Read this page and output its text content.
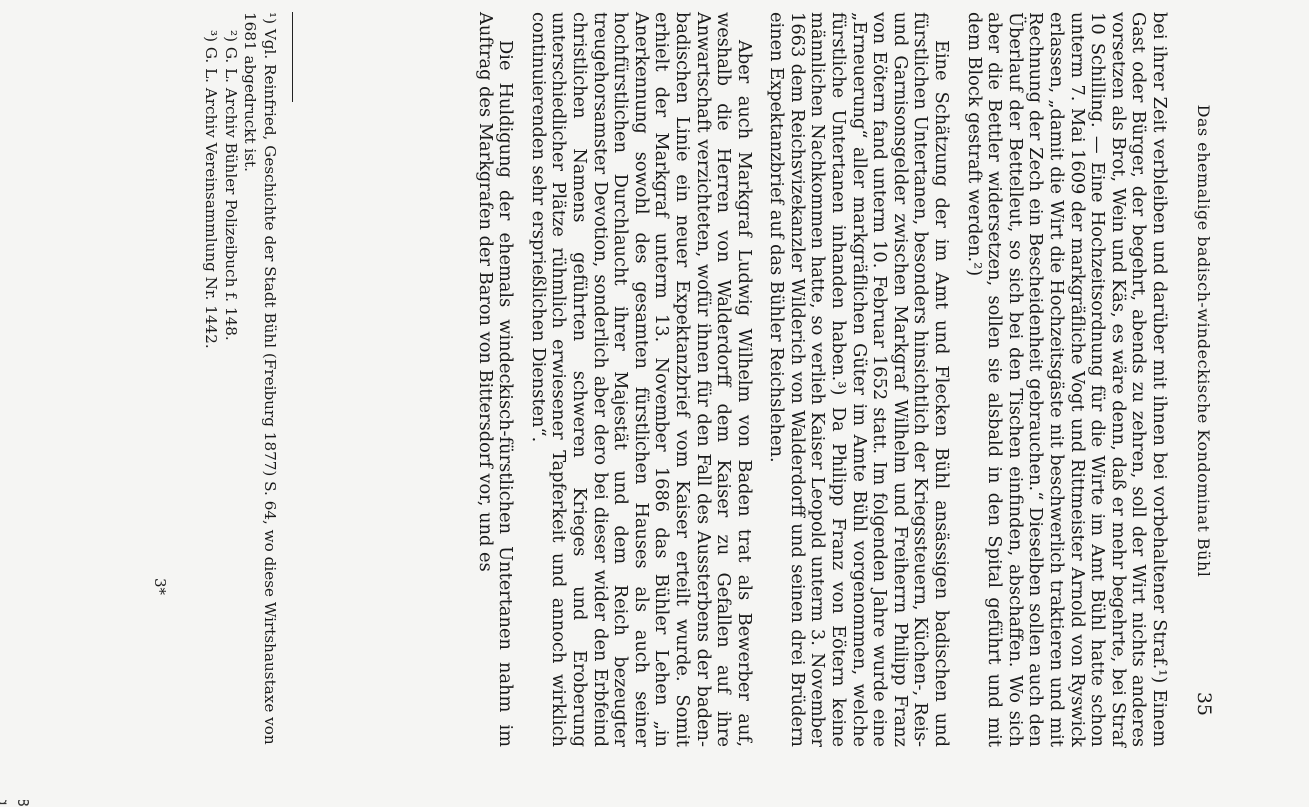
Das ehemalige badisch-windeckische Kondominat Bühl
35

bei ihrer Zeit verbleiben und darüber mit ihnen bei vorbehaltener Straf.¹) Einem Gast oder Bürger, der begehrt, abends zu zehren, soll der Wirt nichts anderes vorsetzen als Brot, Wein und Käs, es wäre denn, daß er mehr begehrte, bei Straf 10 Schilling. — Eine Hochzeitsordnung für die Wirte im Amt Bühl hatte schon unterm 7. Mai 1609 der markgräfliche Vogt und Rittmeister Arnold von Ryswick erlassen, „damit die Wirt die Hochzeitsgäste nit beschwerlich traktieren und mit Rechnung der Zech ein Bescheidenheit gebrauchen.“ Dieselben sollen auch den Überlauf der Bettelleut, so sich bei den Tischen einfinden, abschaffen. Wo sich aber die Bettler widersetzen, sollen sie alsbald in den Spital geführt und mit dem Block gestraft werden.²)

Eine Schätzung der im Amt und Flecken Bühl ansässigen badischen und fürstlichen Untertanen, besonders hinsichtlich der Kriegssteuern, Küchen-, Reis- und Garnisonsgelder zwischen Markgraf Wilhelm und Freiherrn Philipp Franz von Eötern fand unterm 10. Februar 1652 statt. Im folgenden Jahre wurde eine „Erneuerung“ aller markgräflichen Güter im Amte Bühl vorgenommen, welche fürstliche Untertanen inhanden haben.³) Da Philipp Franz von Eötern keine männlichen Nachkommen hatte, so verlieh Kaiser Leopold unterm 3. November 1663 dem Reichsvizekanzler Wilderich von Walderdorff und seinen drei Brüdern einen Expektanzbrief auf das Bühler Reichslehen.

Aber auch Markgraf Ludwig Wilhelm von Baden trat als Bewerber auf, weshalb die Herren von Walderdorff dem Kaiser zu Gefallen auf ihre Anwartschaft verzichteten, wofür ihnen für den Fall des Aussterbens der baden-badischen Linie ein neuer Expektanzbrief vom Kaiser erteilt wurde. Somit erhielt der Markgraf unterm 13. November 1686 das Bühler Lehen „in Anerkennung sowohl des gesamten fürstlichen Hauses als auch seiner hochfürstlichen Durchlaucht ihrer Majestät und dem Reich bezeugter treugehorsamster Devotion, sonderlich aber dero bei dieser wider den Erbfeind christlichen Namens geführten schweren Krieges und Eroberung unterschiedlicher Plätze rühmlich erwiesener Tapferkeit und annoch wirklich continuierenden sehr ersprießlichen Diensten“.

Die Huldigung der ehemals windeckisch-fürstlichen Untertanen nahm im Auftrag des Markgrafen der Baron von Bittersdorf vor, und es

¹) Vgl. Reinfried, Geschichte der Stadt Bühl (Freiburg 1877) S. 64, wo diese Wirtshaustaxe von 1681 abgedruckt ist.
²) G. L. Archiv Bühler Polizeibuch f. 148.
³) G. L. Archiv Vereinsammlung Nr. 1442.
3*
